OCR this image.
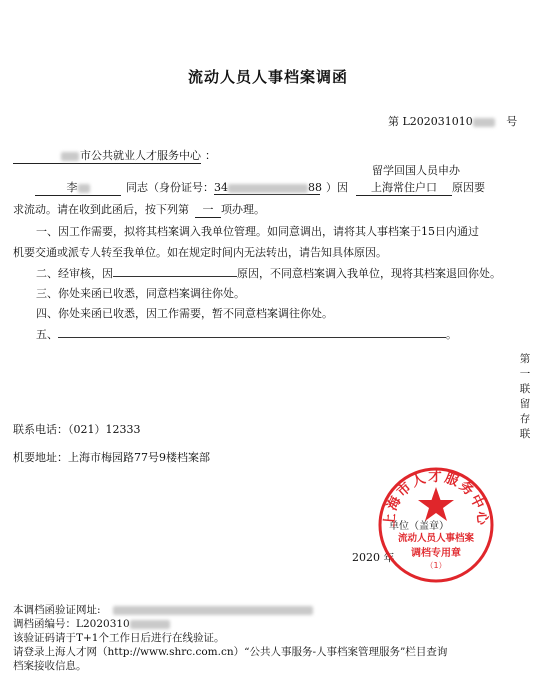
流动人员人事档案调函
第 L202031010	号
市公共就业人才服务中心 ：
留学回国人员申办
李	同志（身份证号：34	88 ）因 上海常住户口 原因要
求流动。请在收到此函后，按下列第 一 项办理。
一、因工作需要，拟将其档案调入我单位管理。如同意调出，请将其人事档案于15日内通过
机要交通或派专人转至我单位。如在规定时间内无法转出，请告知具体原因。
二、经审核，因	原因，不同意档案调入我单位，现将其档案退回你处。
三、你处来函已收悉，同意档案调往你处。
四、你处来函已收悉，因工作需要，暂不同意档案调往你处。
五、	。
第一联留存联
联系电话：（021）12333
机要地址：上海市梅园路77号9楼档案部
单位（盖章）
2020 年
上海市人才服务中心
流动人员人事档案
调档专用章
（1）
本调档函验证网址:
调档函编号：L2020310
该验证码请于T+1个工作日后进行在线验证。
请登录上海人才网（http://www.shrc.com.cn）“公共人事服务-人事档案管理服务”栏目查询
档案接收信息。
